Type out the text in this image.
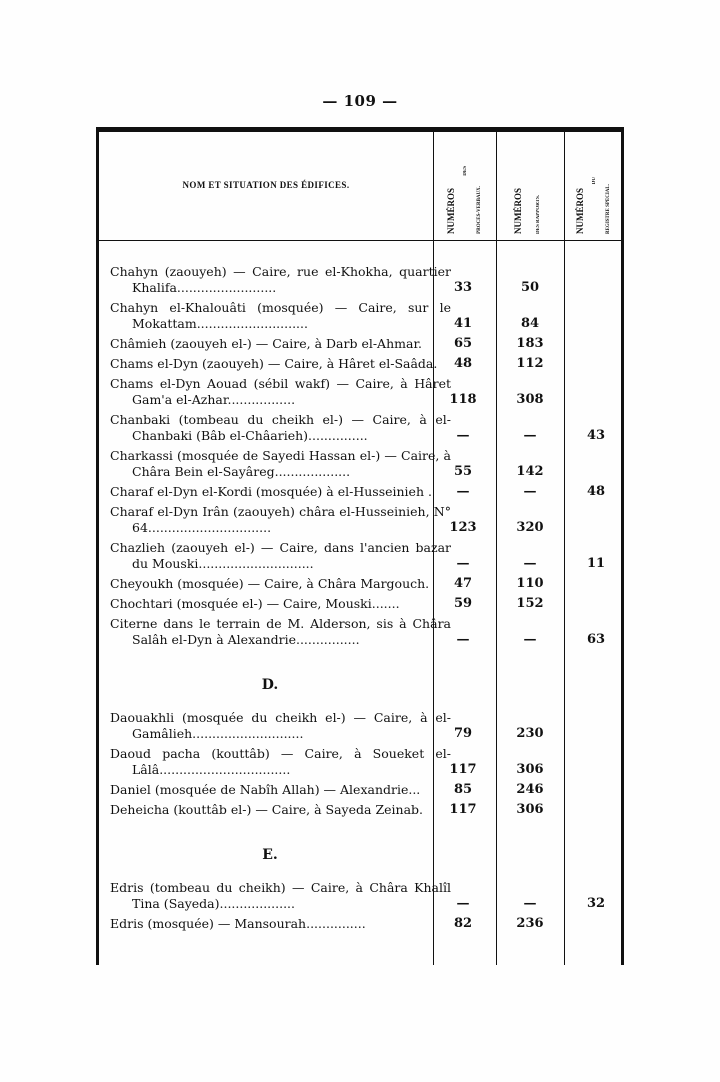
— 109 —
NOM ET SITUATION DES ÉDIFICES.
NUMÉROS
DES
PROCÈS-VERBAUX.	NUMÉROS	DES RAPPORTS.	NUMÉROS
DU
REGISTRE SPÉCIAL.
Chahyn (zaouyeh) — Caire, rue el-Khokha, quartier Khalifa.........................	33	50
Chahyn el-Khalouâti (mosquée) — Caire, sur le Mokattam............................	41	84
Châmieh (zaouyeh el-) — Caire, à Darb el-Ahmar.	65	183
Chams el-Dyn (zaouyeh) — Caire, à Hâret el-Saâda.	48	112
Chams el-Dyn Aouad (sébil wakf) — Caire, à Hâret Gam'a el-Azhar.................	118	308
Chanbaki (tombeau du cheikh el-) — Caire, à el-Chanbaki (Bâb el-Châarieh)...............	—	—	43
Charkassi (mosquée de Sayedi Hassan el-) — Caire, à Châra Bein el-Sayâreg...................	55	142
Charaf el-Dyn el-Kordi (mosquée) à el-Husseinieh .	—	—	48
Charaf el-Dyn Irân (zaouyeh) châra el-Husseinieh, N° 64...............................	123	320
Chazlieh (zaouyeh el-) — Caire, dans l'ancien bazar du Mouski.............................	—	—	11
Cheyoukh (mosquée) — Caire, à Châra Margouch.	47	110
Chochtari (mosquée el-) — Caire, Mouski.......	59	152
Citerne dans le terrain de M. Alderson, sis à Châra Salâh el-Dyn à Alexandrie................	—	—	63
D.
Daouakhli (mosquée du cheikh el-) — Caire, à el-Gamâlieh............................	79	230
Daoud pacha (kouttâb) — Caire, à Soueket el-Lâlâ.................................	117	306
Daniel (mosquée de Nabîh Allah) — Alexandrie...	85	246
Deheicha (kouttâb el-) — Caire, à Sayeda Zeinab.	117	306
E.
Edris (tombeau du cheikh) — Caire, à Châra Khalîl Tina (Sayeda)...................	—	—	32
Edris (mosquée) — Mansourah...............	82	236
